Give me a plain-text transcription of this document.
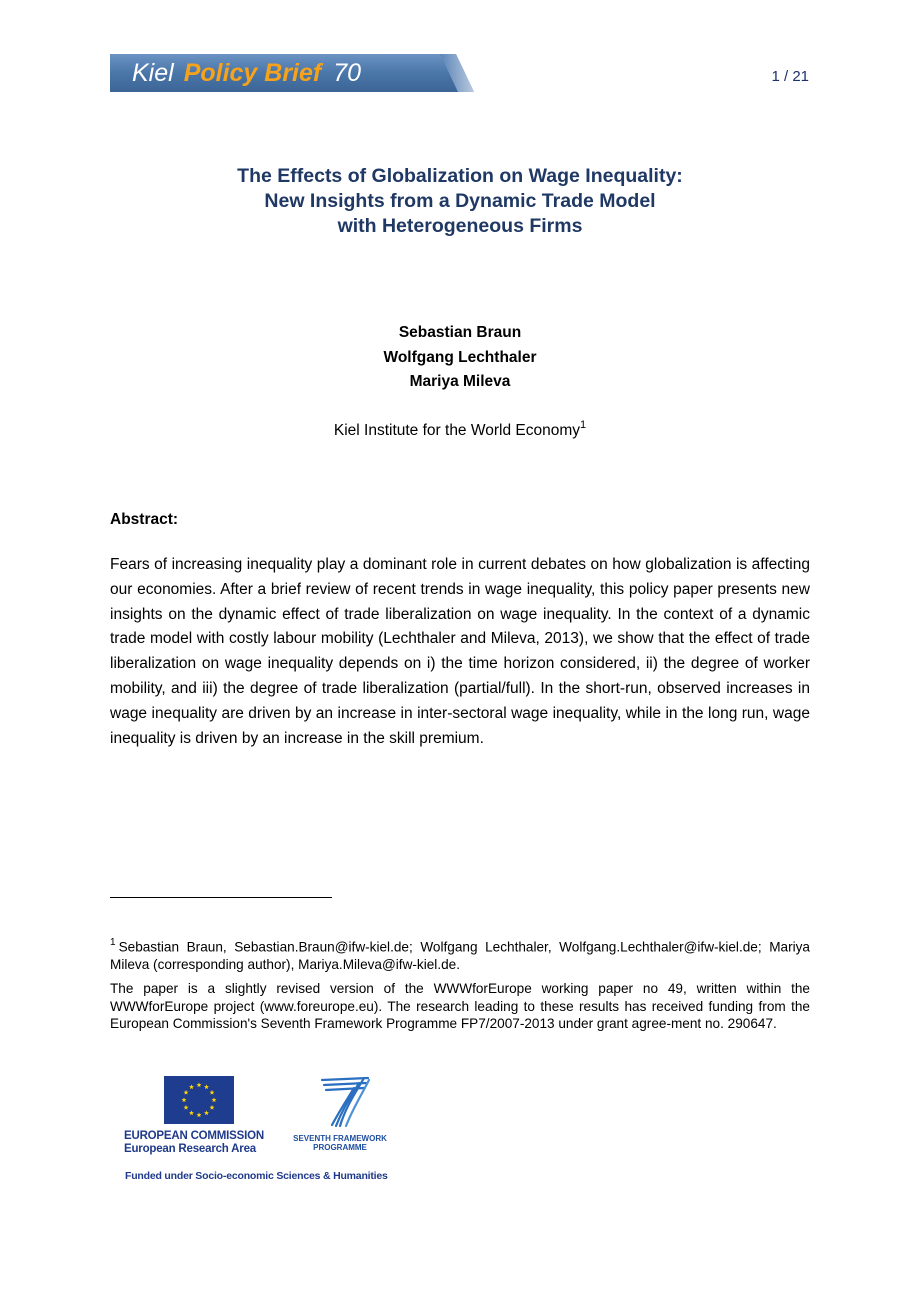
Kiel Policy Brief 70	1 / 21
The Effects of Globalization on Wage Inequality:
New Insights from a Dynamic Trade Model
with Heterogeneous Firms
Sebastian Braun
Wolfgang Lechthaler
Mariya Mileva
Kiel Institute for the World Economy$^1$
Abstract:

Fears of increasing inequality play a dominant role in current debates on how globalization is affecting our economies. After a brief review of recent trends in wage inequality, this policy paper presents new insights on the dynamic effect of trade liberalization on wage inequality. In the context of a dynamic trade model with costly labour mobility (Lechthaler and Mileva, 2013), we show that the effect of trade liberalization on wage inequality depends on i) the time horizon considered, ii) the degree of worker mobility, and iii) the degree of trade liberalization (partial/full). In the short-run, observed increases in wage inequality are driven by an increase in inter-sectoral wage inequality, while in the long run, wage inequality is driven by an increase in the skill premium.

$^1$ Sebastian Braun, Sebastian.Braun@ifw-kiel.de; Wolfgang Lechthaler, Wolfgang.Lechthaler@ifw-kiel.de; Mariya Mileva (corresponding author), Mariya.Mileva@ifw-kiel.de.

The paper is a slightly revised version of the WWWforEurope working paper no 49, written within the WWWforEurope project (www.foreurope.eu). The research leading to these results has received funding from the European Commission's Seventh Framework Programme FP7/2007-2013 under grant agree-ment no. 290647.

EUROPEAN COMMISSION
European Research Area
SEVENTH FRAMEWORK
PROGRAMME
Funded under Socio-economic Sciences & Humanities
